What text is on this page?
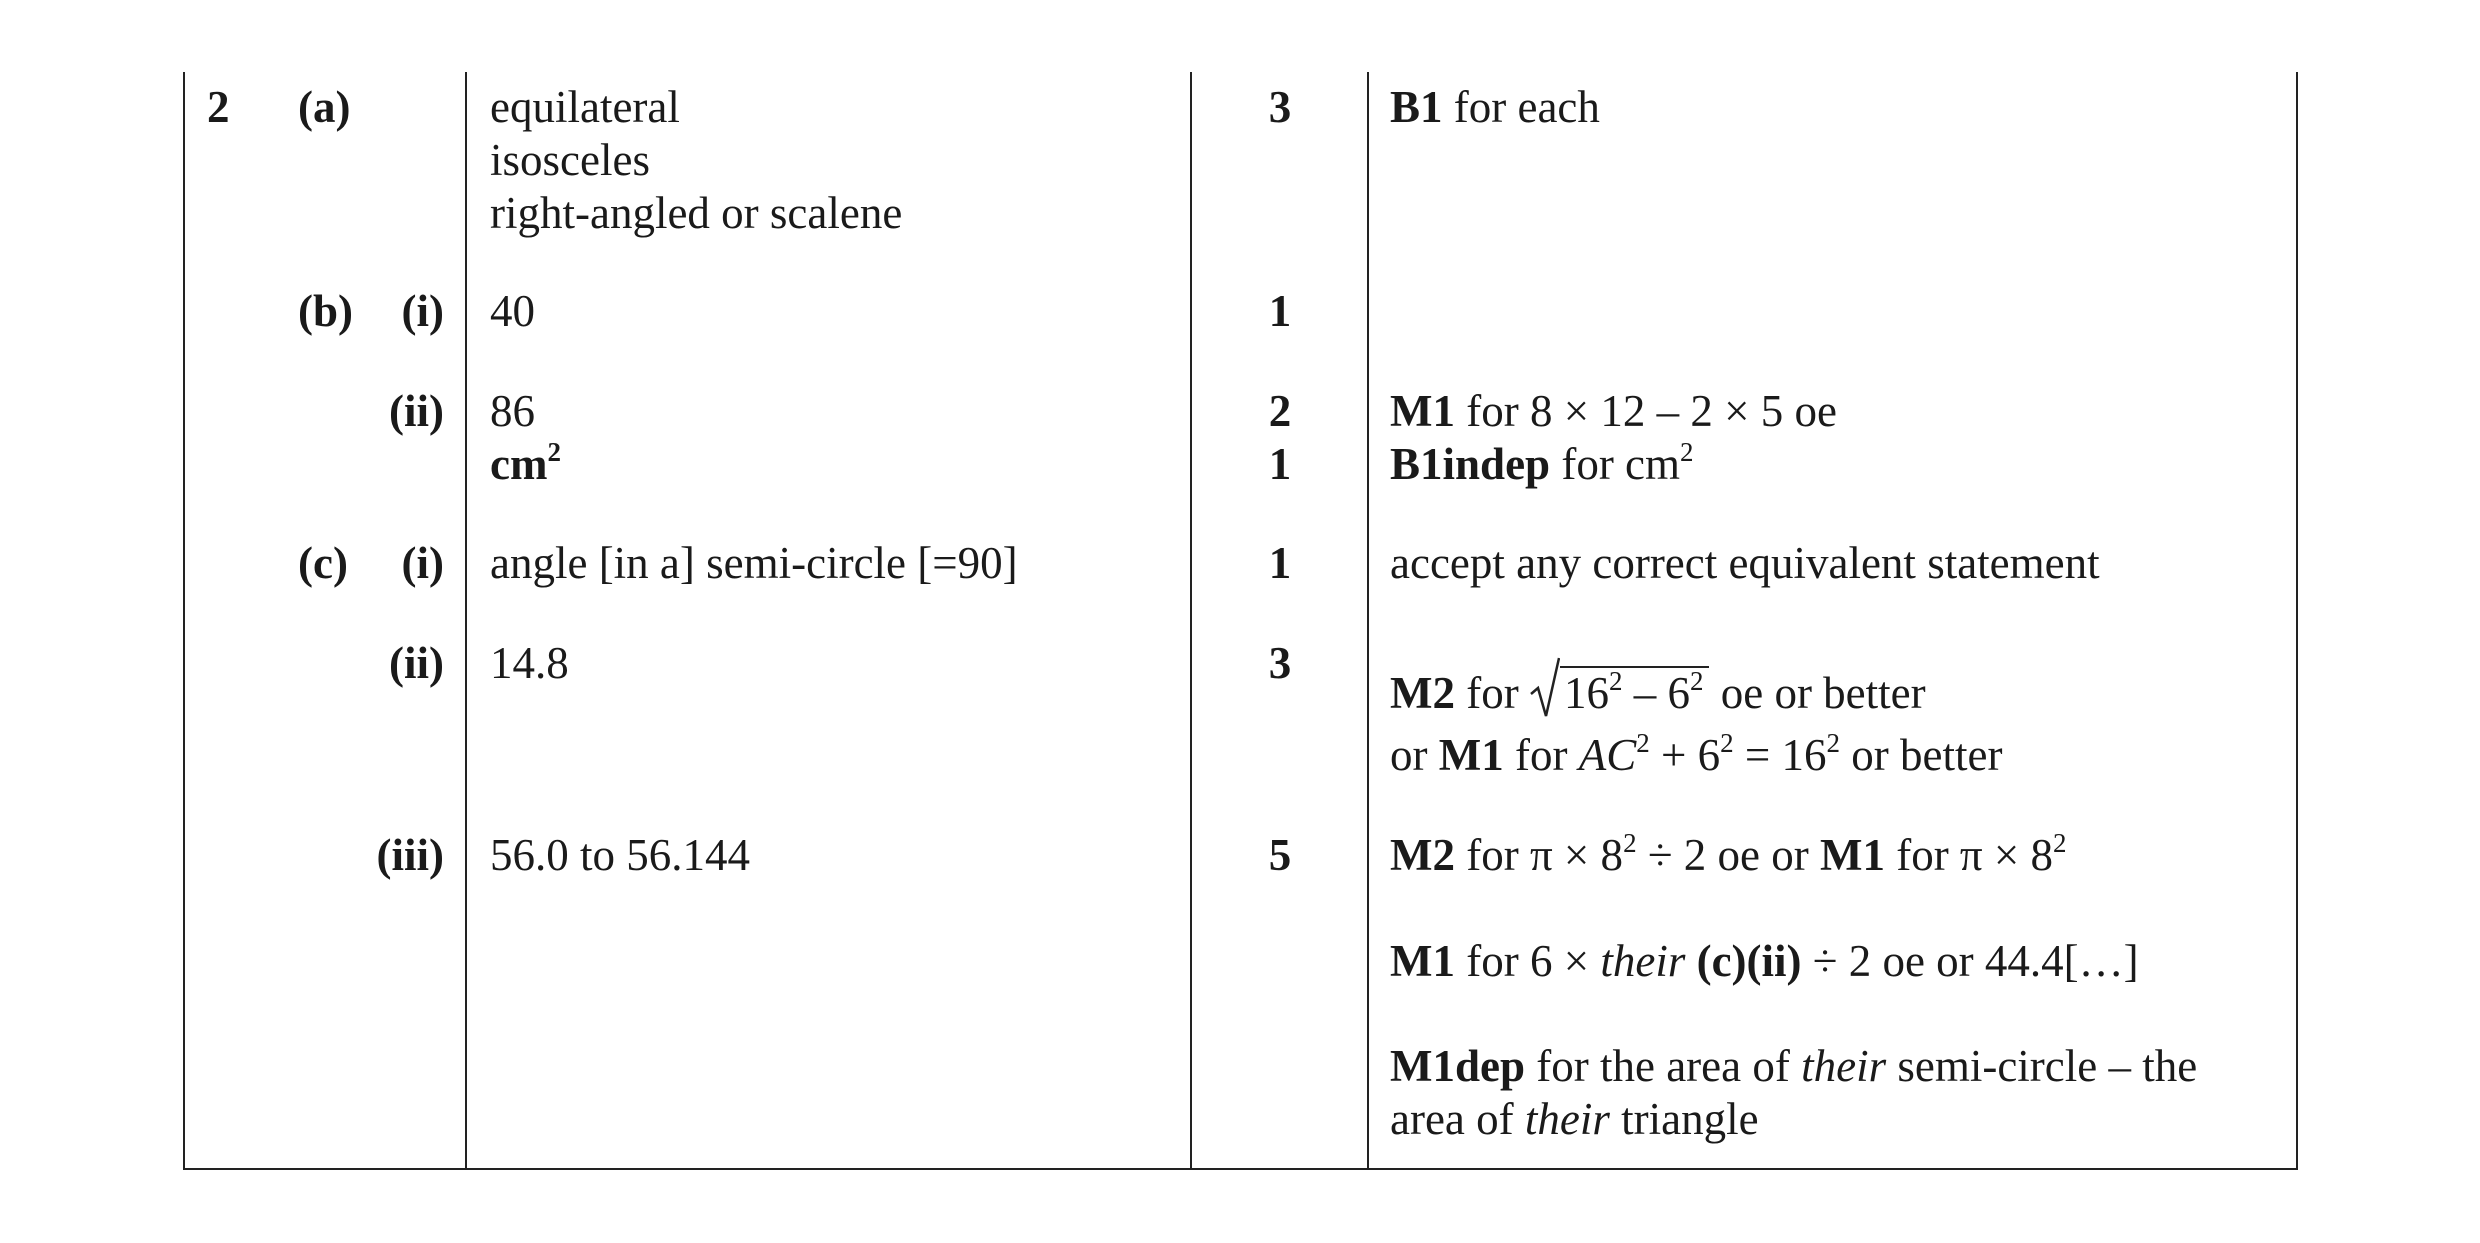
2 (a)
(b) (i)
(ii)
(c) (i)
(ii)
(iii)
equilateral
isosceles
right-angled or scalene
40
86
$cm^2$
angle [in a] semi-circle [=90]
14.8
56.0 to 56.144
3
1
2
1
1
3
5
B1 for each
M1 for 8 × 12 – 2 × 5 oe
B1indep for $cm^2$
accept any correct equivalent statement
M2 for
$16^2 - 6^2$ oe or better
or M1 for $AC^2 + 6^2 = 16^2$ or better
M2 for $\pi \times 8^2 \div 2$ oe or M1 for $\pi \times 8^2$
M1 for 6 × their (c)(ii) ÷ 2 oe or 44.4[…]
M1dep for the area of their semi-circle – the
area of their triangle
